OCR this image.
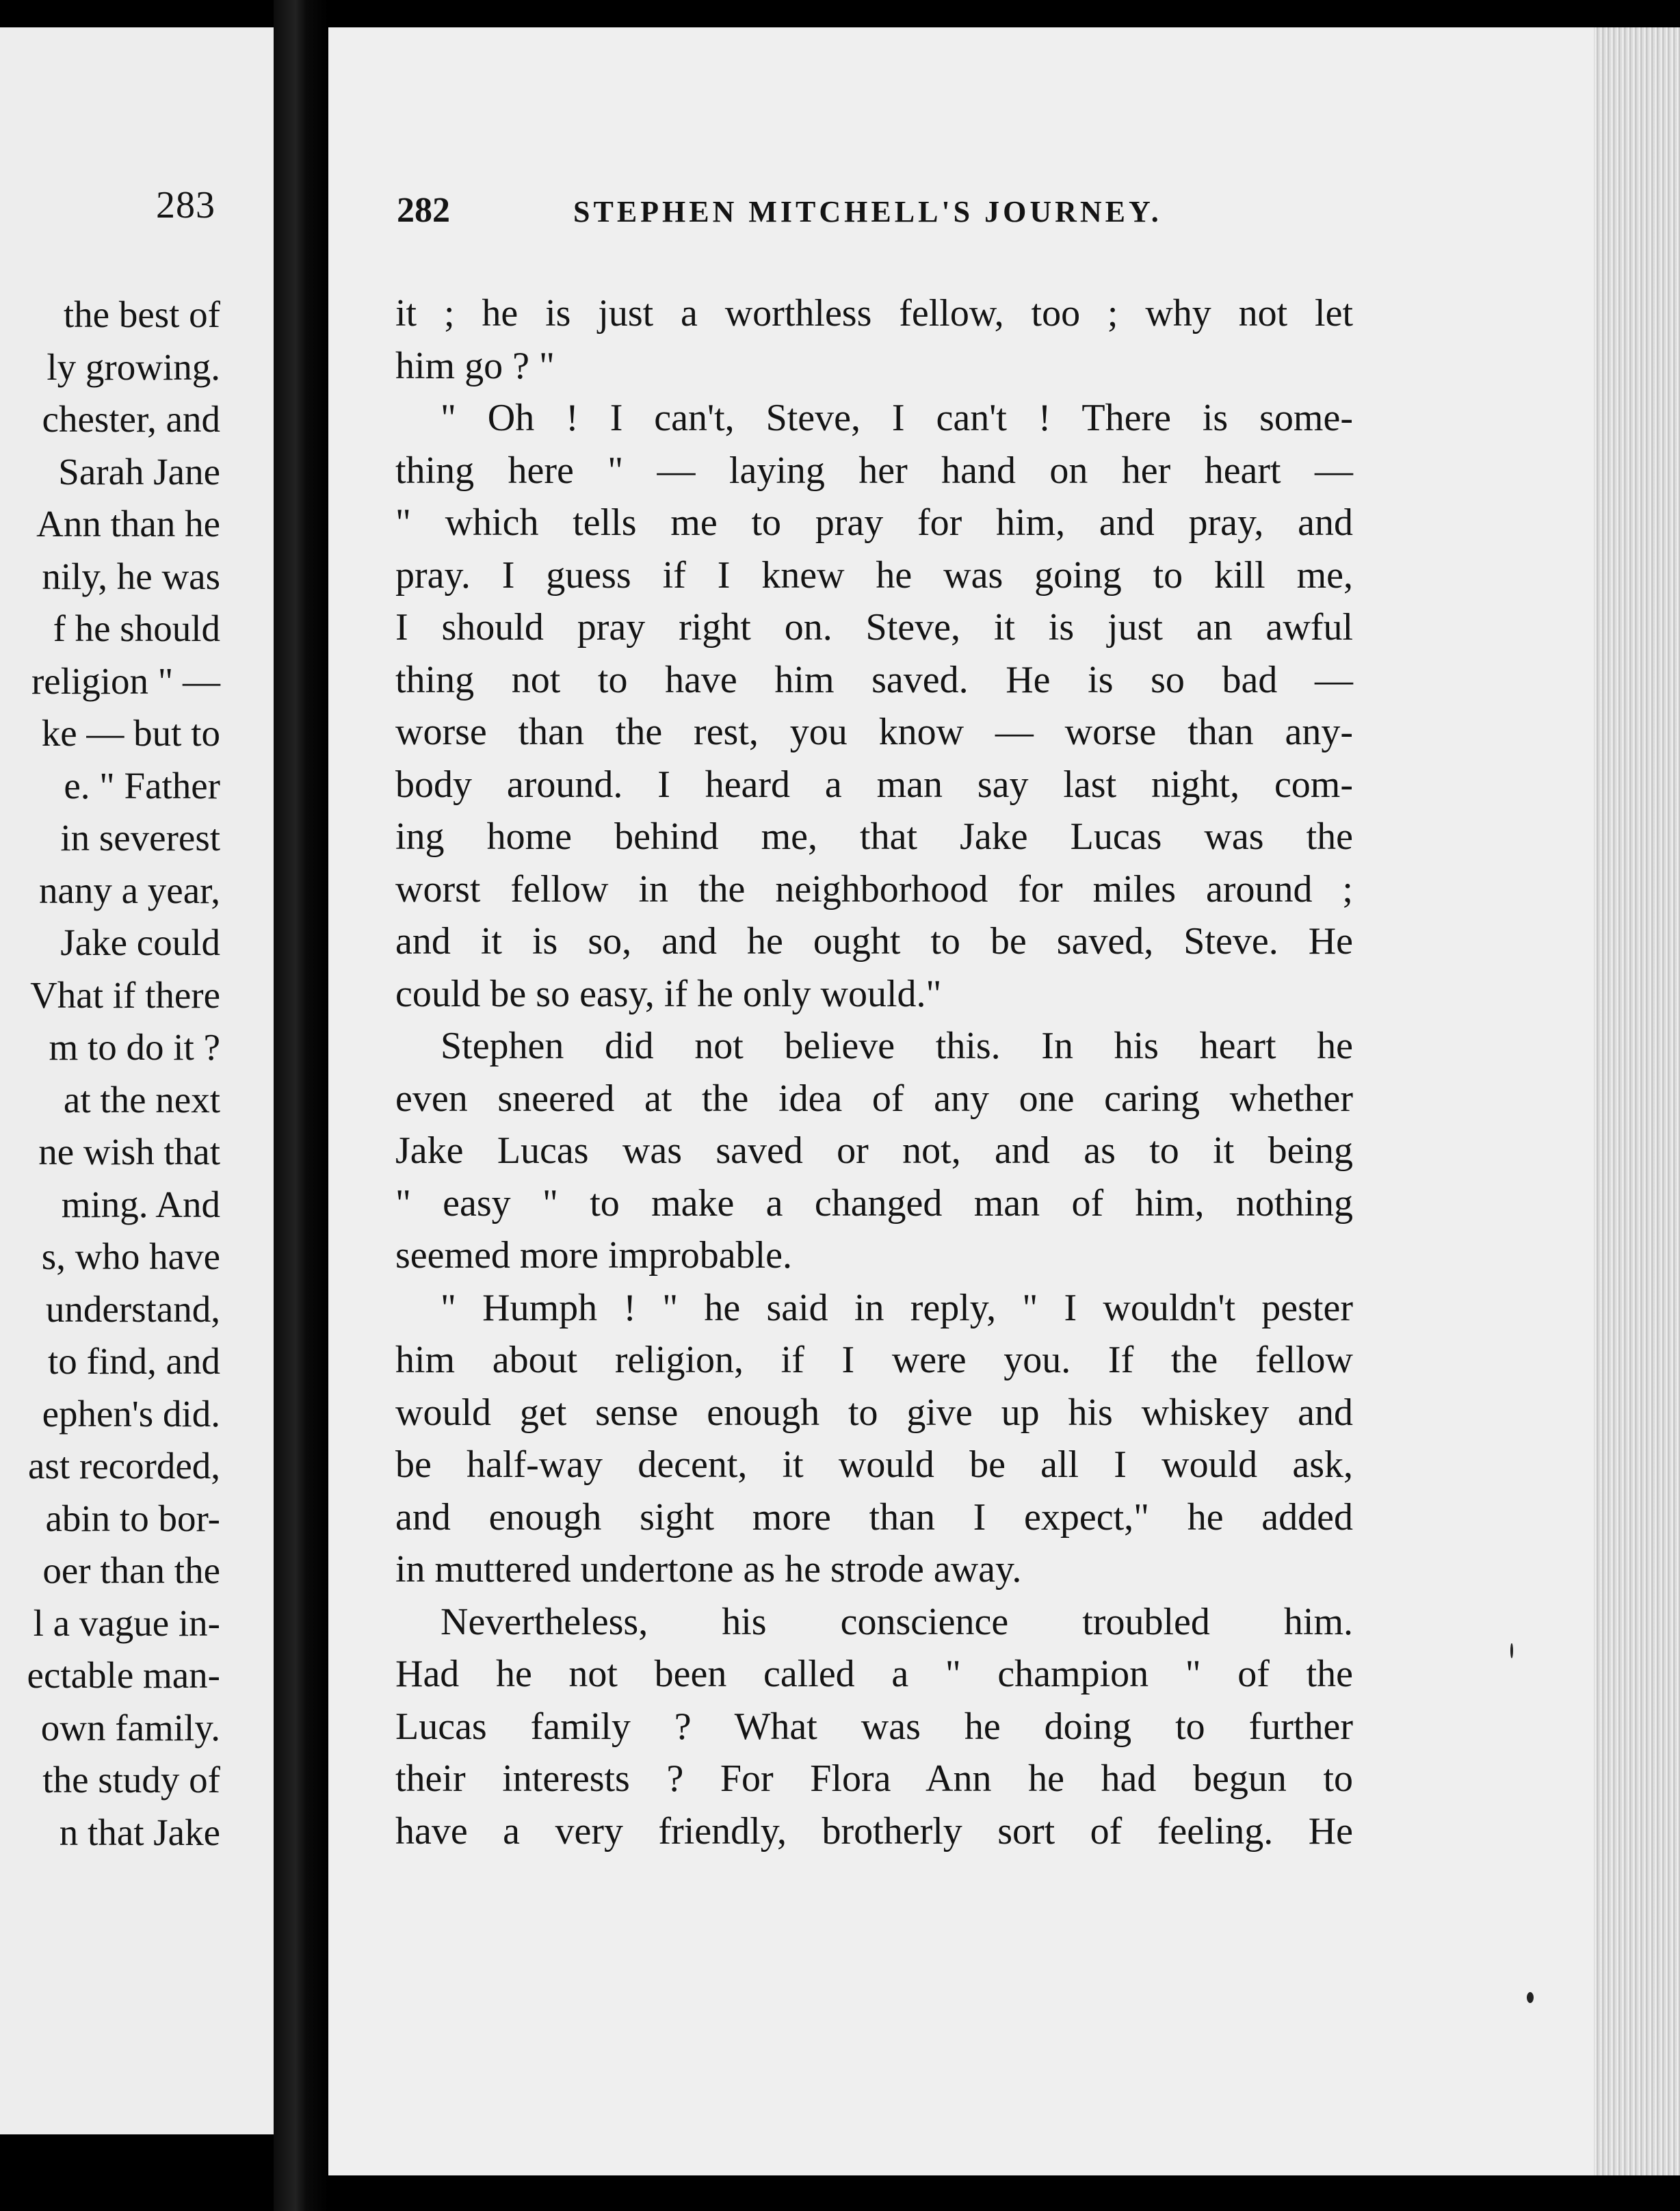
283
the best of
ly growing.
chester, and
Sarah Jane
Ann than he
nily, he was
f he should
religion " —
ke — but to
e. " Father
in severest
nany a year,
Jake could
Vhat if there
m to do it ?
at the next
ne wish that
ming. And
s, who have
understand,
to find, and
ephen's did.
ast recorded,
abin to bor-
oer than the
l a vague in-
ectable man-
own family.
the study of
n that Jake
282	STEPHEN MITCHELL'S JOURNEY.
it ; he is just a worthless fellow, too ; why not let
him go ? "
" Oh ! I can't, Steve, I can't ! There is some-
thing here " — laying her hand on her heart —
" which tells me to pray for him, and pray, and
pray. I guess if I knew he was going to kill me,
I should pray right on. Steve, it is just an awful
thing not to have him saved. He is so bad —
worse than the rest, you know — worse than any-
body around. I heard a man say last night, com-
ing home behind me, that Jake Lucas was the
worst fellow in the neighborhood for miles around ;
and it is so, and he ought to be saved, Steve. He
could be so easy, if he only would."
Stephen did not believe this. In his heart he
even sneered at the idea of any one caring whether
Jake Lucas was saved or not, and as to it being
" easy " to make a changed man of him, nothing
seemed more improbable.
" Humph ! " he said in reply, " I wouldn't pester
him about religion, if I were you. If the fellow
would get sense enough to give up his whiskey and
be half-way decent, it would be all I would ask,
and enough sight more than I expect," he added
in muttered undertone as he strode away.
Nevertheless, his conscience troubled him.
Had he not been called a " champion " of the
Lucas family ? What was he doing to further
their interests ? For Flora Ann he had begun to
have a very friendly, brotherly sort of feeling. He
